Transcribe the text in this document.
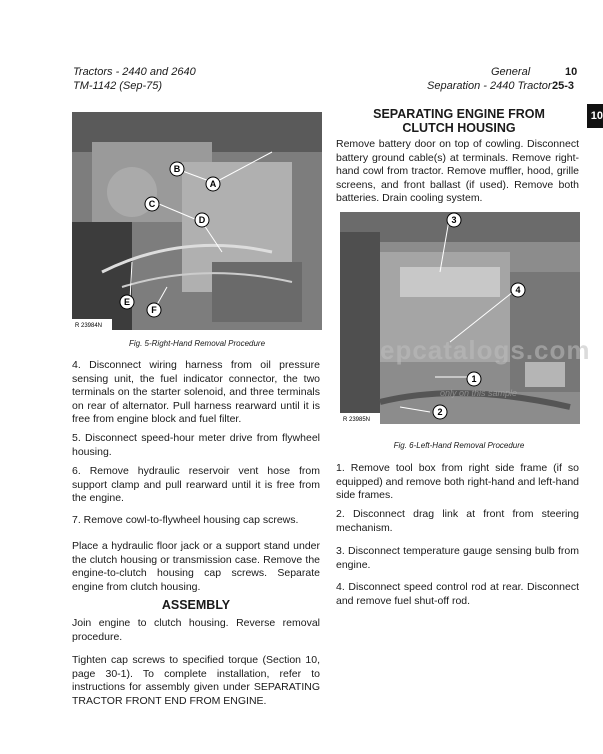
Tractors - 2440 and 2640
TM-1142 (Sep-75)
General	10
Separation - 2440 Tractor 25-3
10
B
A
C
D
E
F
R 23984N
Fig. 5-Right-Hand Removal Procedure

4. Disconnect wiring harness from oil pressure sensing unit, the fuel indicator connector, the two terminals on the starter solenoid, and three terminals on rear of alternator. Pull harness rearward until it is free from engine block and fuel filter.

5. Disconnect speed-hour meter drive from flywheel housing.

6. Remove hydraulic reservoir vent hose from support clamp and pull rearward until it is free from the engine.

7. Remove cowl-to-flywheel housing cap screws.

Place a hydraulic floor jack or a support stand under the clutch housing or transmission case. Remove the engine-to-clutch housing cap screws. Separate engine from clutch housing.

ASSEMBLY

Join engine to clutch housing. Reverse removal procedure.

Tighten cap screws to specified torque (Section 10, page 30-1). To complete installation, refer to instructions for assembly given under SEPARATING TRACTOR FRONT END FROM ENGINE.

SEPARATING ENGINE FROM
CLUTCH HOUSING

Remove battery door on top of cowling. Disconnect battery ground cable(s) at terminals. Remove right-hand cowl from tractor. Remove muffler, hood, grille screens, and front ballast (if used). Remove both batteries. Drain cooling system.

3
4
1
2
R 23985N
Fig. 6-Left-Hand Removal Procedure

1. Remove tool box from right side frame (if so equipped) and remove both right-hand and left-hand side frames.

2. Disconnect drag link at front from steering mechanism.

3. Disconnect temperature gauge sensing bulb from engine.

4. Disconnect speed control rod at rear. Disconnect and remove fuel shut-off rod.

epcatalogs.com
only on this sample
